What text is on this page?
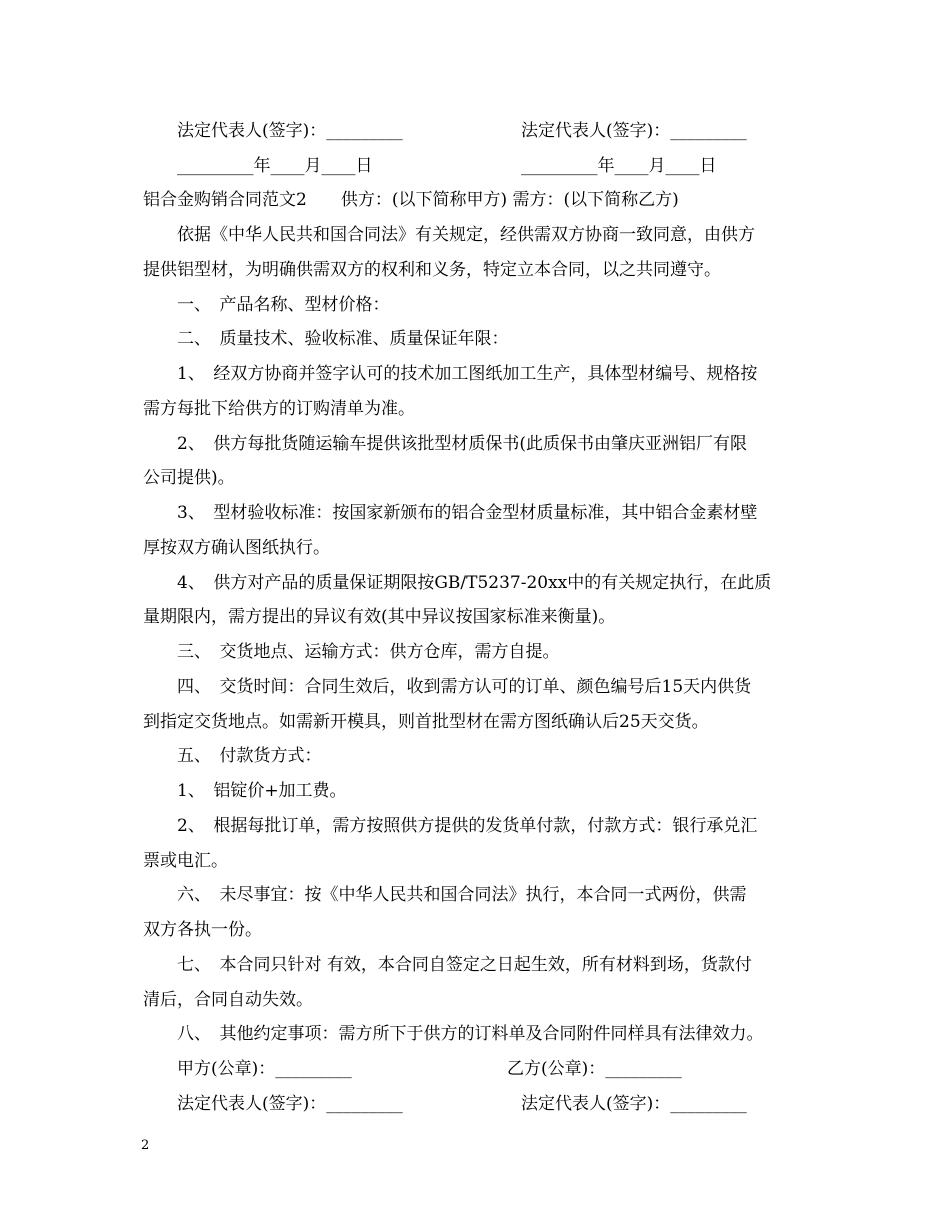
法定代表人(签字)：_________	法定代表人(签字)：_________
_________年____月____日	_________年____月____日
铝合金购销合同范文2　　供方：(以下简称甲方) 需方：(以下简称乙方)
依据《中华人民共和国合同法》有关规定，经供需双方协商一致同意，由供方
提供铝型材，为明确供需双方的权利和义务，特定立本合同，以之共同遵守。
一、　产品名称、型材价格：
二、　质量技术、验收标准、质量保证年限：
1、　经双方协商并签字认可的技术加工图纸加工生产，具体型材编号、规格按
需方每批下给供方的订购清单为准。
2、　供方每批货随运输车提供该批型材质保书(此质保书由肇庆亚洲铝厂有限
公司提供)。
3、　型材验收标准：按国家新颁布的铝合金型材质量标准，其中铝合金素材壁
厚按双方确认图纸执行。
4、　供方对产品的质量保证期限按GB/T5237-20xx中的有关规定执行，在此质
量期限内，需方提出的异议有效(其中异议按国家标准来衡量)。
三、　交货地点、运输方式：供方仓库，需方自提。
四、　交货时间：合同生效后，收到需方认可的订单、颜色编号后15天内供货
到指定交货地点。如需新开模具，则首批型材在需方图纸确认后25天交货。
五、　付款货方式：
1、　铝锭价+加工费。
2、　根据每批订单，需方按照供方提供的发货单付款，付款方式：银行承兑汇
票或电汇。
六、　未尽事宜：按《中华人民共和国合同法》执行，本合同一式两份，供需
双方各执一份。
七、　本合同只针对 有效，本合同自签定之日起生效，所有材料到场，货款付
清后，合同自动失效。
八、　其他约定事项：需方所下于供方的订料单及合同附件同样具有法律效力。
甲方(公章)：_________	乙方(公章)：_________
法定代表人(签字)：_________	法定代表人(签字)：_________
2
